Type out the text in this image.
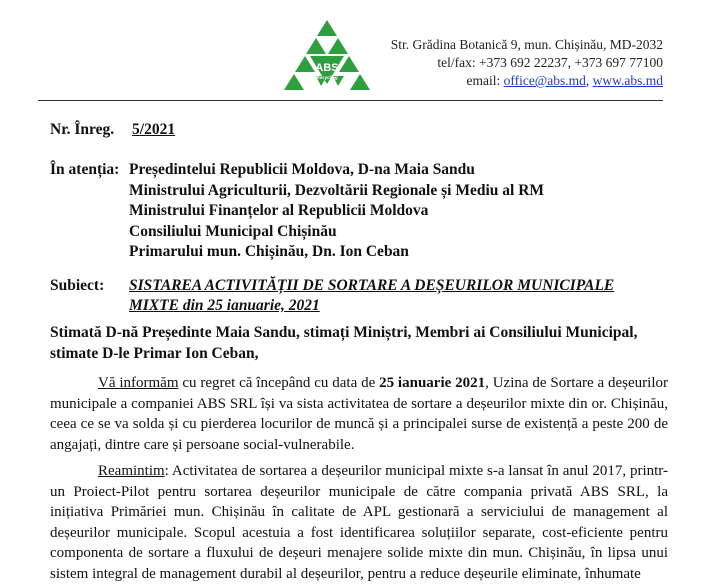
ABS
Recycling
Str. Grădina Botanică 9, mun. Chișinău, MD-2032
tel/fax: +373 692 22237, +373 697 77100
email: office@abs.md, www.abs.md
Nr. Înreg. 5/2021
În atenția: Președintelui Republicii Moldova, D-na Maia Sandu
Ministrului Agriculturii, Dezvoltării Regionale și Mediu al RM
Ministrului Finanțelor al Republicii Moldova
Consiliului Municipal Chișinău
Primarului mun. Chișinău, Dn. Ion Ceban
Subiect: SISTAREA ACTIVITĂȚII DE SORTARE A DEȘEURILOR MUNICIPALE
MIXTE din 25 ianuarie, 2021
Stimată D-nă Președinte Maia Sandu, stimați Miniștri, Membri ai Consiliului Municipal, stimate D-le Primar Ion Ceban,
Vă informăm cu regret că începând cu data de 25 ianuarie 2021, Uzina de Sortare a deșeurilor municipale a companiei ABS SRL își va sista activitatea de sortare a deșeurilor mixte din or. Chișinău, ceea ce se va solda și cu pierderea locurilor de muncă și a principalei surse de existență a peste 200 de angajați, dintre care și persoane social-vulnerabile.
Reamintim: Activitatea de sortarea a deșeurilor municipal mixte s-a lansat în anul 2017, printr-un Proiect-Pilot pentru sortarea deșeurilor municipale de către compania privată ABS SRL, la inițiativa Primăriei mun. Chișinău în calitate de APL gestionară a serviciului de management al deșeurilor municipale. Scopul acestuia a fost identificarea soluțiilor separate, cost-eficiente pentru componenta de sortare a fluxului de deșeuri menajere solide mixte din mun. Chișinău, în lipsa unui sistem integral de management durabil al deșeurilor, pentru a reduce deșeurile eliminate, înhumate
